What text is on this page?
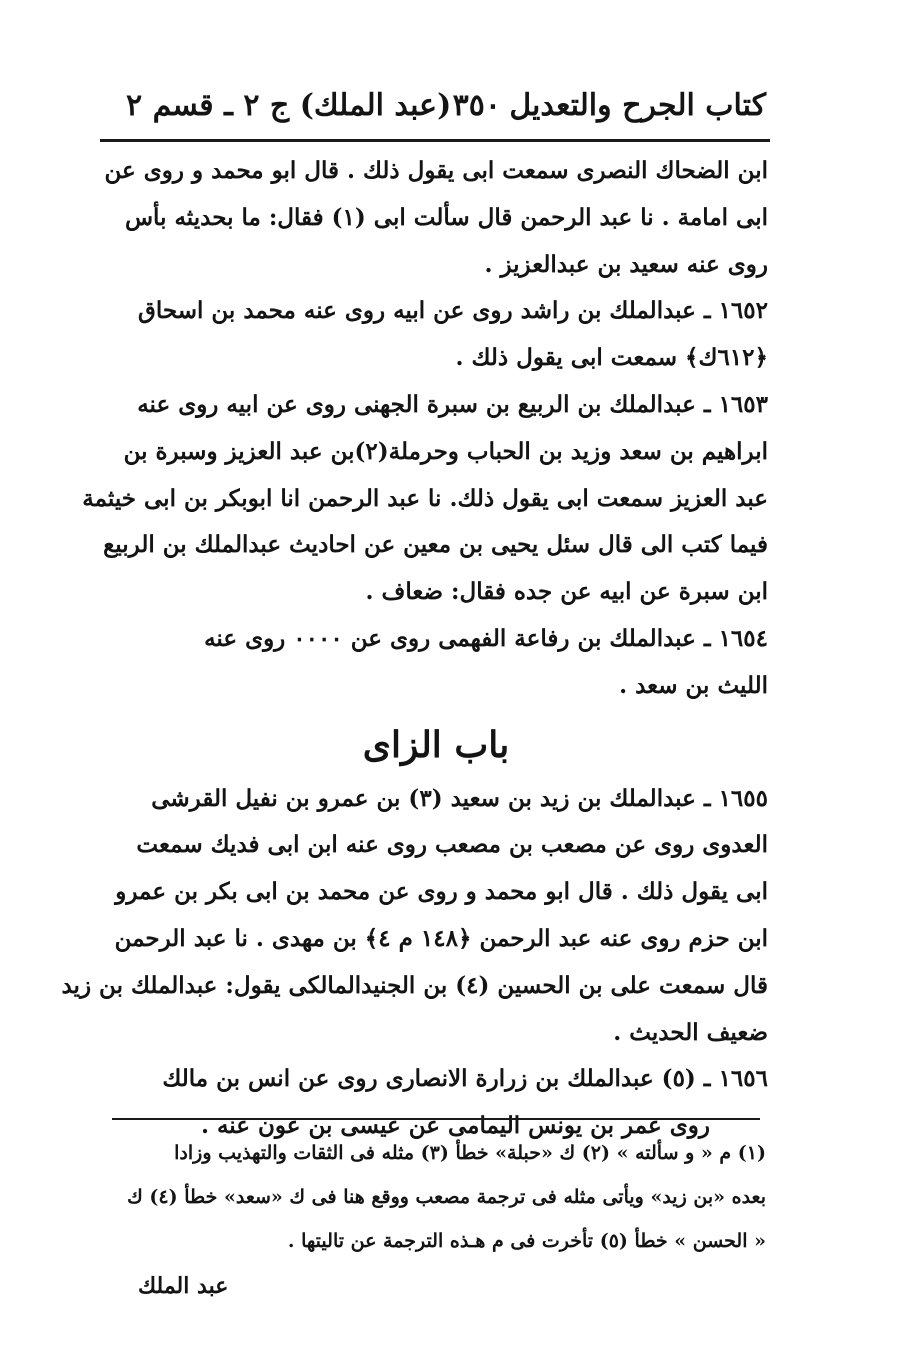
كتاب الجرح والتعديل
٣٥٠
(عبد الملك) ج ٢ ـ قسم ٢
ابن الضحاك النصرى سمعت ابى يقول ذلك . قال ابو محمد و روى عن
ابى امامة . نا عبد الرحمن قال سألت ابى (١) فقال: ما بحديثه بأس
روى عنه سعيد بن عبدالعزيز .
١٦٥٢ ـ عبدالملك بن راشد روى عن ابيه روى عنه محمد بن اسحاق
﴿٦١٢ك﴾ سمعت ابى يقول ذلك .
١٦٥٣ ـ عبدالملك بن الربيع بن سبرة الجهنى روى عن ابيه روى عنه
ابراهيم بن سعد وزيد بن الحباب وحرملة(٢)بن عبد العزيز وسبرة بن
عبد العزيز سمعت ابى يقول ذلك. نا عبد الرحمن انا ابوبكر بن ابى خيثمة
فيما كتب الى قال سئل يحيى بن معين عن احاديث عبدالملك بن الربيع
ابن سبرة عن ابيه عن جده فقال: ضعاف .
١٦٥٤ ـ عبدالملك بن رفاعة الفهمى روى عن ٠٠٠٠ روى عنه
الليث بن سعد .
باب الزاى
١٦٥٥ ـ عبدالملك بن زيد بن سعيد (٣) بن عمرو بن نفيل القرشى
العدوى روى عن مصعب بن مصعب روى عنه ابن ابى فديك سمعت
ابى يقول ذلك . قال ابو محمد و روى عن محمد بن ابى بكر بن عمرو
ابن حزم روى عنه عبد الرحمن ﴿١٤٨ م ٤﴾ بن مهدى . نا عبد الرحمن
قال سمعت على بن الحسين (٤) بن الجنيدالمالكى يقول: عبدالملك بن زيد
ضعيف الحديث .
١٦٥٦ ـ (٥) عبدالملك بن زرارة الانصارى روى عن انس بن مالك
روى عمر بن يونس اليمامى عن عيسى بن عون عنه .
(١) م « و سألته » (٢) ك «حبلة» خطأ (٣) مثله فى الثقات والتهذيب وزادا
بعده «بن زيد» ويأتى مثله فى ترجمة مصعب ووقع هنا فى ك «سعد» خطأ (٤) ك
« الحسن » خطأ (٥) تأخرت فى م هـذه الترجمة عن تاليتها .
عبد الملك
